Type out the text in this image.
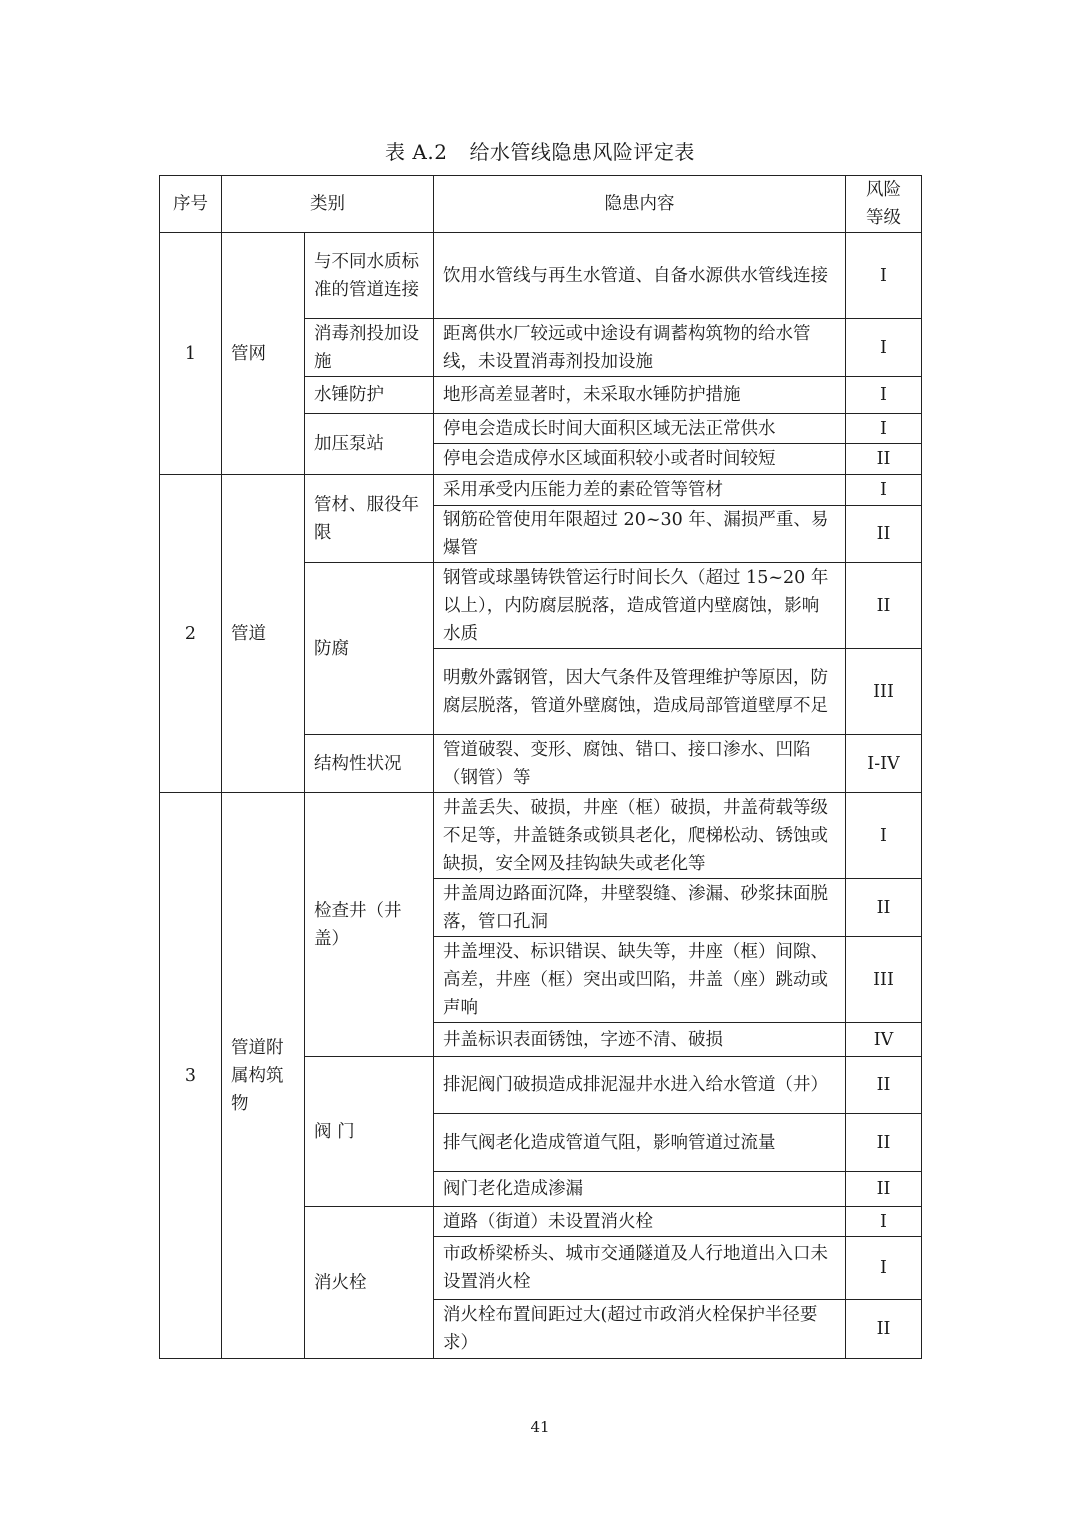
表 A.2 给水管线隐患风险评定表
序号	类别		隐患内容	风险等级
1	管网	与不同水质标准的管道连接	饮用水管线与再生水管道、自备水源供水管线连接	I
		消毒剂投加设施	距离供水厂较远或中途设有调蓄构筑物的给水管线，未设置消毒剂投加设施	I
		水锤防护	地形高差显著时，未采取水锤防护措施	I
		加压泵站	停电会造成长时间大面积区域无法正常供水	I
			停电会造成停水区域面积较小或者时间较短	II
2	管道	管材、服役年限	采用承受内压能力差的素砼管等管材	I
			钢筋砼管使用年限超过 20~30 年、漏损严重、易爆管	II
		防腐	钢管或球墨铸铁管运行时间长久（超过 15~20 年以上），内防腐层脱落，造成管道内壁腐蚀，影响水质	II
			明敷外露钢管，因大气条件及管理维护等原因，防腐层脱落，管道外壁腐蚀，造成局部管道壁厚不足	III
		结构性状况	管道破裂、变形、腐蚀、错口、接口渗水、凹陷（钢管）等	I-IV
3	管道附属构筑物	检查井（井盖）	井盖丢失、破损，井座（框）破损，井盖荷载等级不足等，井盖链条或锁具老化，爬梯松动、锈蚀或缺损，安全网及挂钩缺失或老化等	I
			井盖周边路面沉降，井壁裂缝、渗漏、砂浆抹面脱落，管口孔洞	II
			井盖埋没、标识错误、缺失等，井座（框）间隙、高差，井座（框）突出或凹陷，井盖（座）跳动或声响	III
			井盖标识表面锈蚀，字迹不清、破损	IV
		阀 门	排泥阀门破损造成排泥湿井水进入给水管道（井）	II
			排气阀老化造成管道气阻，影响管道过流量	II
			阀门老化造成渗漏	II
		消火栓	道路（街道）未设置消火栓	I
			市政桥梁桥头、城市交通隧道及人行地道出入口未设置消火栓	I
			消火栓布置间距过大(超过市政消火栓保护半径要求）	II
41
